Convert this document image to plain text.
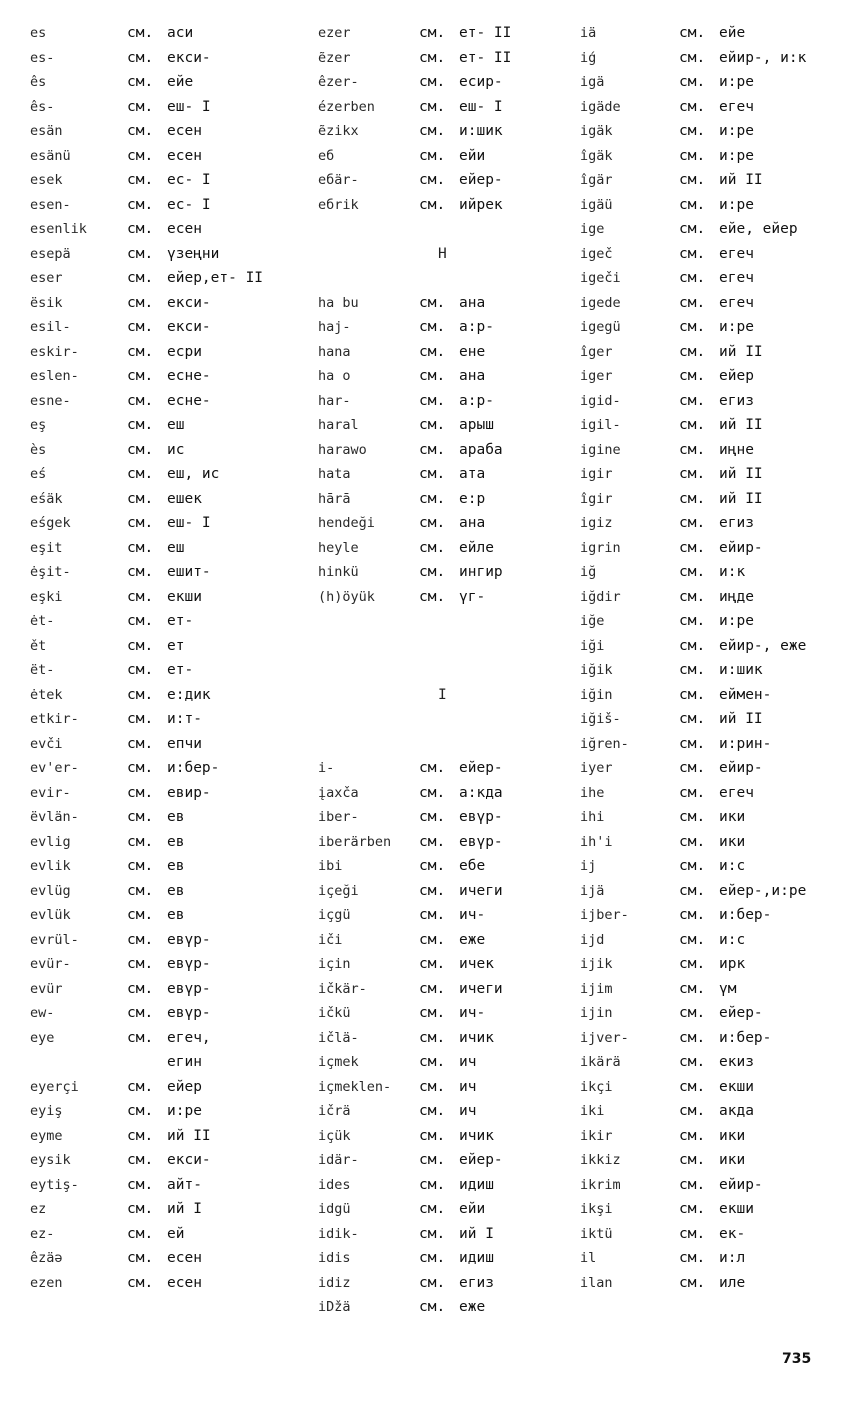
es	см. аси
es-	см. екси-
ês	см. ейе
ês-	см. еш- I
esän	см. есен
esänü	см. есен
esek	см. ес- I
esen-	см. ес- I
esenlik	см. есен
esepä	см. үзеңни
eser	см. ейер,ет- II
ësik	см. екси-
esil-	см. екси-
eskir-	см. есри
eslen-	см. есне-
esne-	см. есне-
eş	см. еш
ès	см. ис
eś	см. еш, ис
eśäk	см. ешек
eśgek	см. еш- I
eşit	см. еш
ėşit-	см. ешит-
eşki	см. екши
ėt-	см. ет-
ět	см. ет
ët-	см. ет-
ėtek	см. е:дик
etkir-	см. и:т-
evči	см. епчи
ev'er-	см. и:бер-
evir-	см. евир-
ëvlän-	см. ев
evlig	см. ев
evlik	см. ев
evlüg	см. ев
evlük	см. ев
evrül-	см. евүр-
evür-	см. евүр-
evür	см. евүр-
ew-	см. евүр-
eye	см. егеч,
егин
eyerçi	см. ейер
eyiş	см. и:ре
eyme	см. ий II
eysik	см. екси-
eytiş-	см. айт-
ez	см. ий I
ez-	см. ей
êzäə	см. есен
ezen	см. есен
ezer	см. ет- II
ẽzer	см. ет- II
êzer-	см. есир-
ézerben	см. еш- I
ẽzikx	см. и:шик
eб	см. ейи
eбär-	см. ейер-
eбrik	см. ийрек
H
ha bu	см. ана
haj-	см. а:р-
hana	см. ене
ha o	см. ана
har-	см. а:р-
haral	см. арыш
harawo	см. араба
hata	см. ата
hārā	см. е:р
hendeği	см. ана
heyle	см. ейле
hinkü	см. ингир
(h)öyük	см. үг-
I
i-	см. ейер-
įaxča	см. а:кда
iber-	см. евүр-
iberärben см. евүр-
ibi	см. ебе
içeği	см. ичеги
içgü	см. ич-
iči	см. еже
için	см. ичек
ičkär-	см. ичеги
ičkü	см. ич-
ičlä-	см. ичик
içmek	см. ич
içmeklen- см. ич
ičrä	см. ич
içük	см. ичик
idär-	см. ейер-
ides	см. идиш
idgü	см. ейи
idik-	см. ий I
idis	см. идиш
idiz	см. егиз
iDžä	см. еже
iä	см. ейе
iǵ	см. ейир-, и:к
igä	см. и:ре
igäde	см. егеч
igäk	см. и:ре
îgäk	см. и:ре
îgär	см. ий II
igäü	см. и:ре
ige	см. ейе, ейер
igeč	см. егеч
igeči	см. егеч
igede	см. егеч
igegü	см. и:ре
îger	см. ий II
iger	см. ейер
igid-	см. егиз
igil-	см. ий II
igine	см. иңне
igir	см. ий II
îgir	см. ий II
igiz	см. егиз
igrin	см. ейир-
iğ	см. и:к
iğdir	см. иңде
iğe	см. и:ре
iği	см. ейир-, еже
iğik	см. и:шик
iğin	см. еймен-
iğiš-	см. ий II
iğren-	см. и:рин-
iyer	см. ейир-
ihe	см. егеч
ihi	см. ики
ih'i	см. ики
ij	см. и:с
ijä	см. ейер-,и:ре
ijber-	см. и:бер-
ijd	см. и:с
ijik	см. ирк
ijim	см. үм
ijin	см. ейер-
ijver-	см. и:бер-
ikärä	см. екиз
ikçi	см. екши
iki	см. акда
ikir	см. ики
ikkiz	см. ики
ikrim	см. ейир-
ikşi	см. екши
iktü	см. ек-
il	см. и:л
ilan	см. иле
735
